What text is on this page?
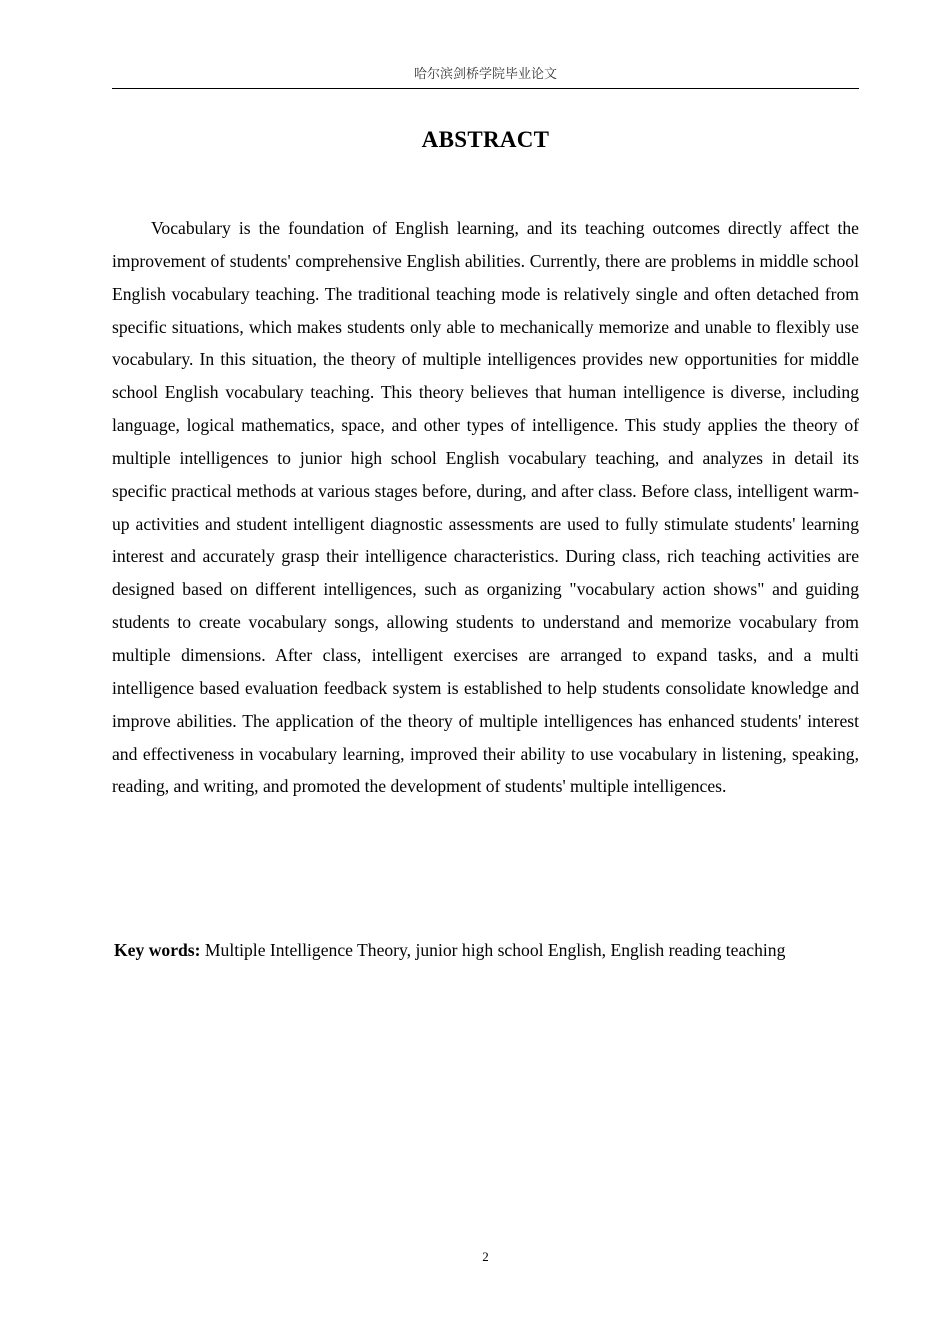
哈尔滨剑桥学院毕业论文
ABSTRACT

Vocabulary is the foundation of English learning, and its teaching outcomes directly affect the improvement of students' comprehensive English abilities. Currently, there are problems in middle school English vocabulary teaching. The traditional teaching mode is relatively single and often detached from specific situations, which makes students only able to mechanically memorize and unable to flexibly use vocabulary. In this situation, the theory of multiple intelligences provides new opportunities for middle school English vocabulary teaching. This theory believes that human intelligence is diverse, including language, logical mathematics, space, and other types of intelligence. This study applies the theory of multiple intelligences to junior high school English vocabulary teaching, and analyzes in detail its specific practical methods at various stages before, during, and after class. Before class, intelligent warm-up activities and student intelligent diagnostic assessments are used to fully stimulate students' learning interest and accurately grasp their intelligence characteristics. During class, rich teaching activities are designed based on different intelligences, such as organizing "vocabulary action shows" and guiding students to create vocabulary songs, allowing students to understand and memorize vocabulary from multiple dimensions. After class, intelligent exercises are arranged to expand tasks, and a multi intelligence based evaluation feedback system is established to help students consolidate knowledge and improve abilities. The application of the theory of multiple intelligences has enhanced students' interest and effectiveness in vocabulary learning, improved their ability to use vocabulary in listening, speaking, reading, and writing, and promoted the development of students' multiple intelligences.

Key words: Multiple Intelligence Theory, junior high school English, English reading teaching
2
